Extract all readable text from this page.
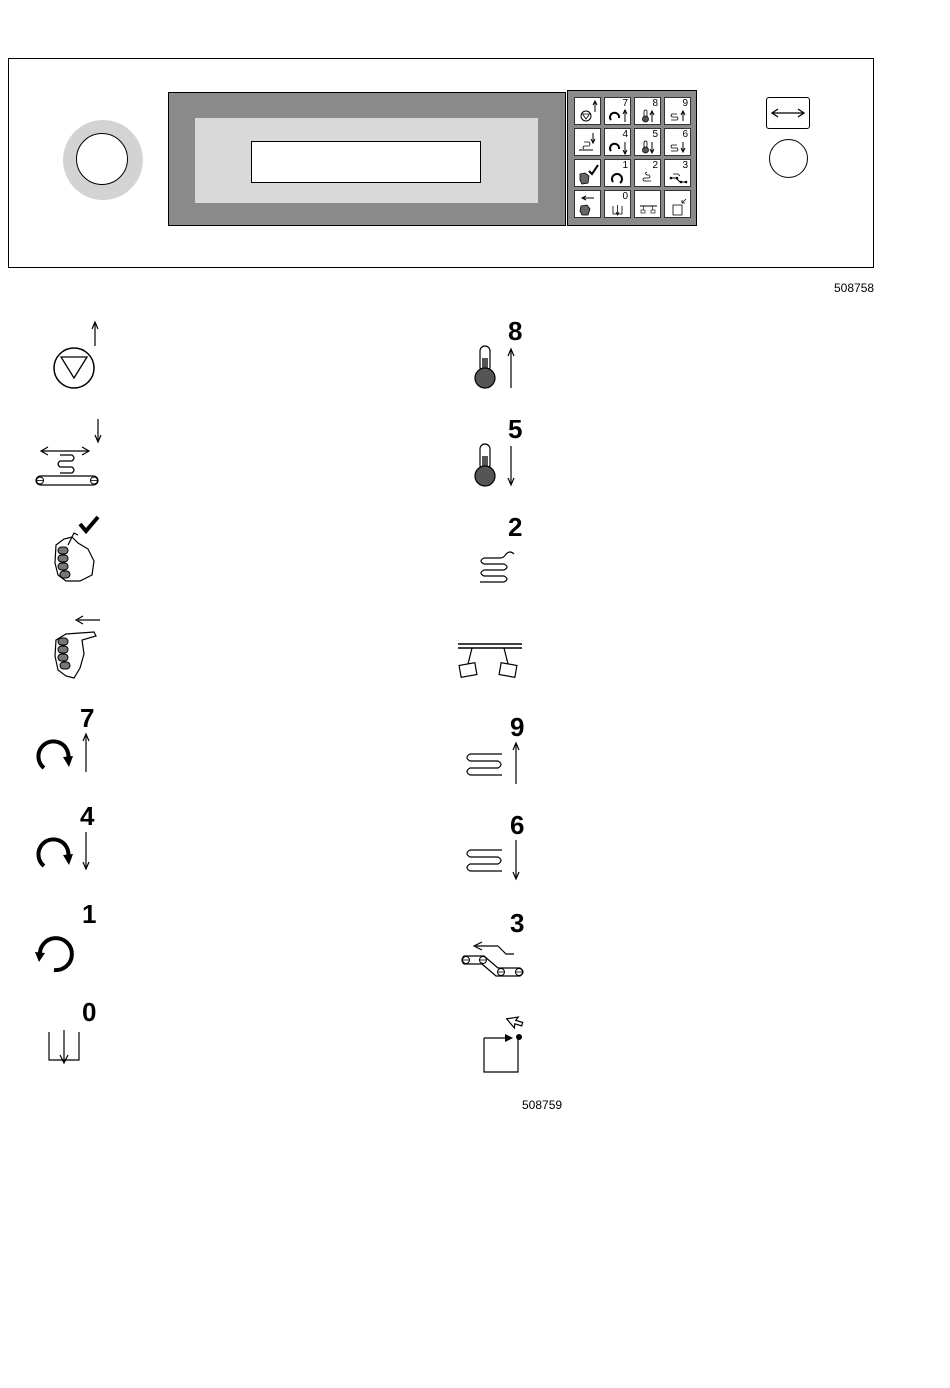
7 8 9
4 5 6
1 2 3
0
508758
7
4
1
0
8
5
2
9
6
3
508759
